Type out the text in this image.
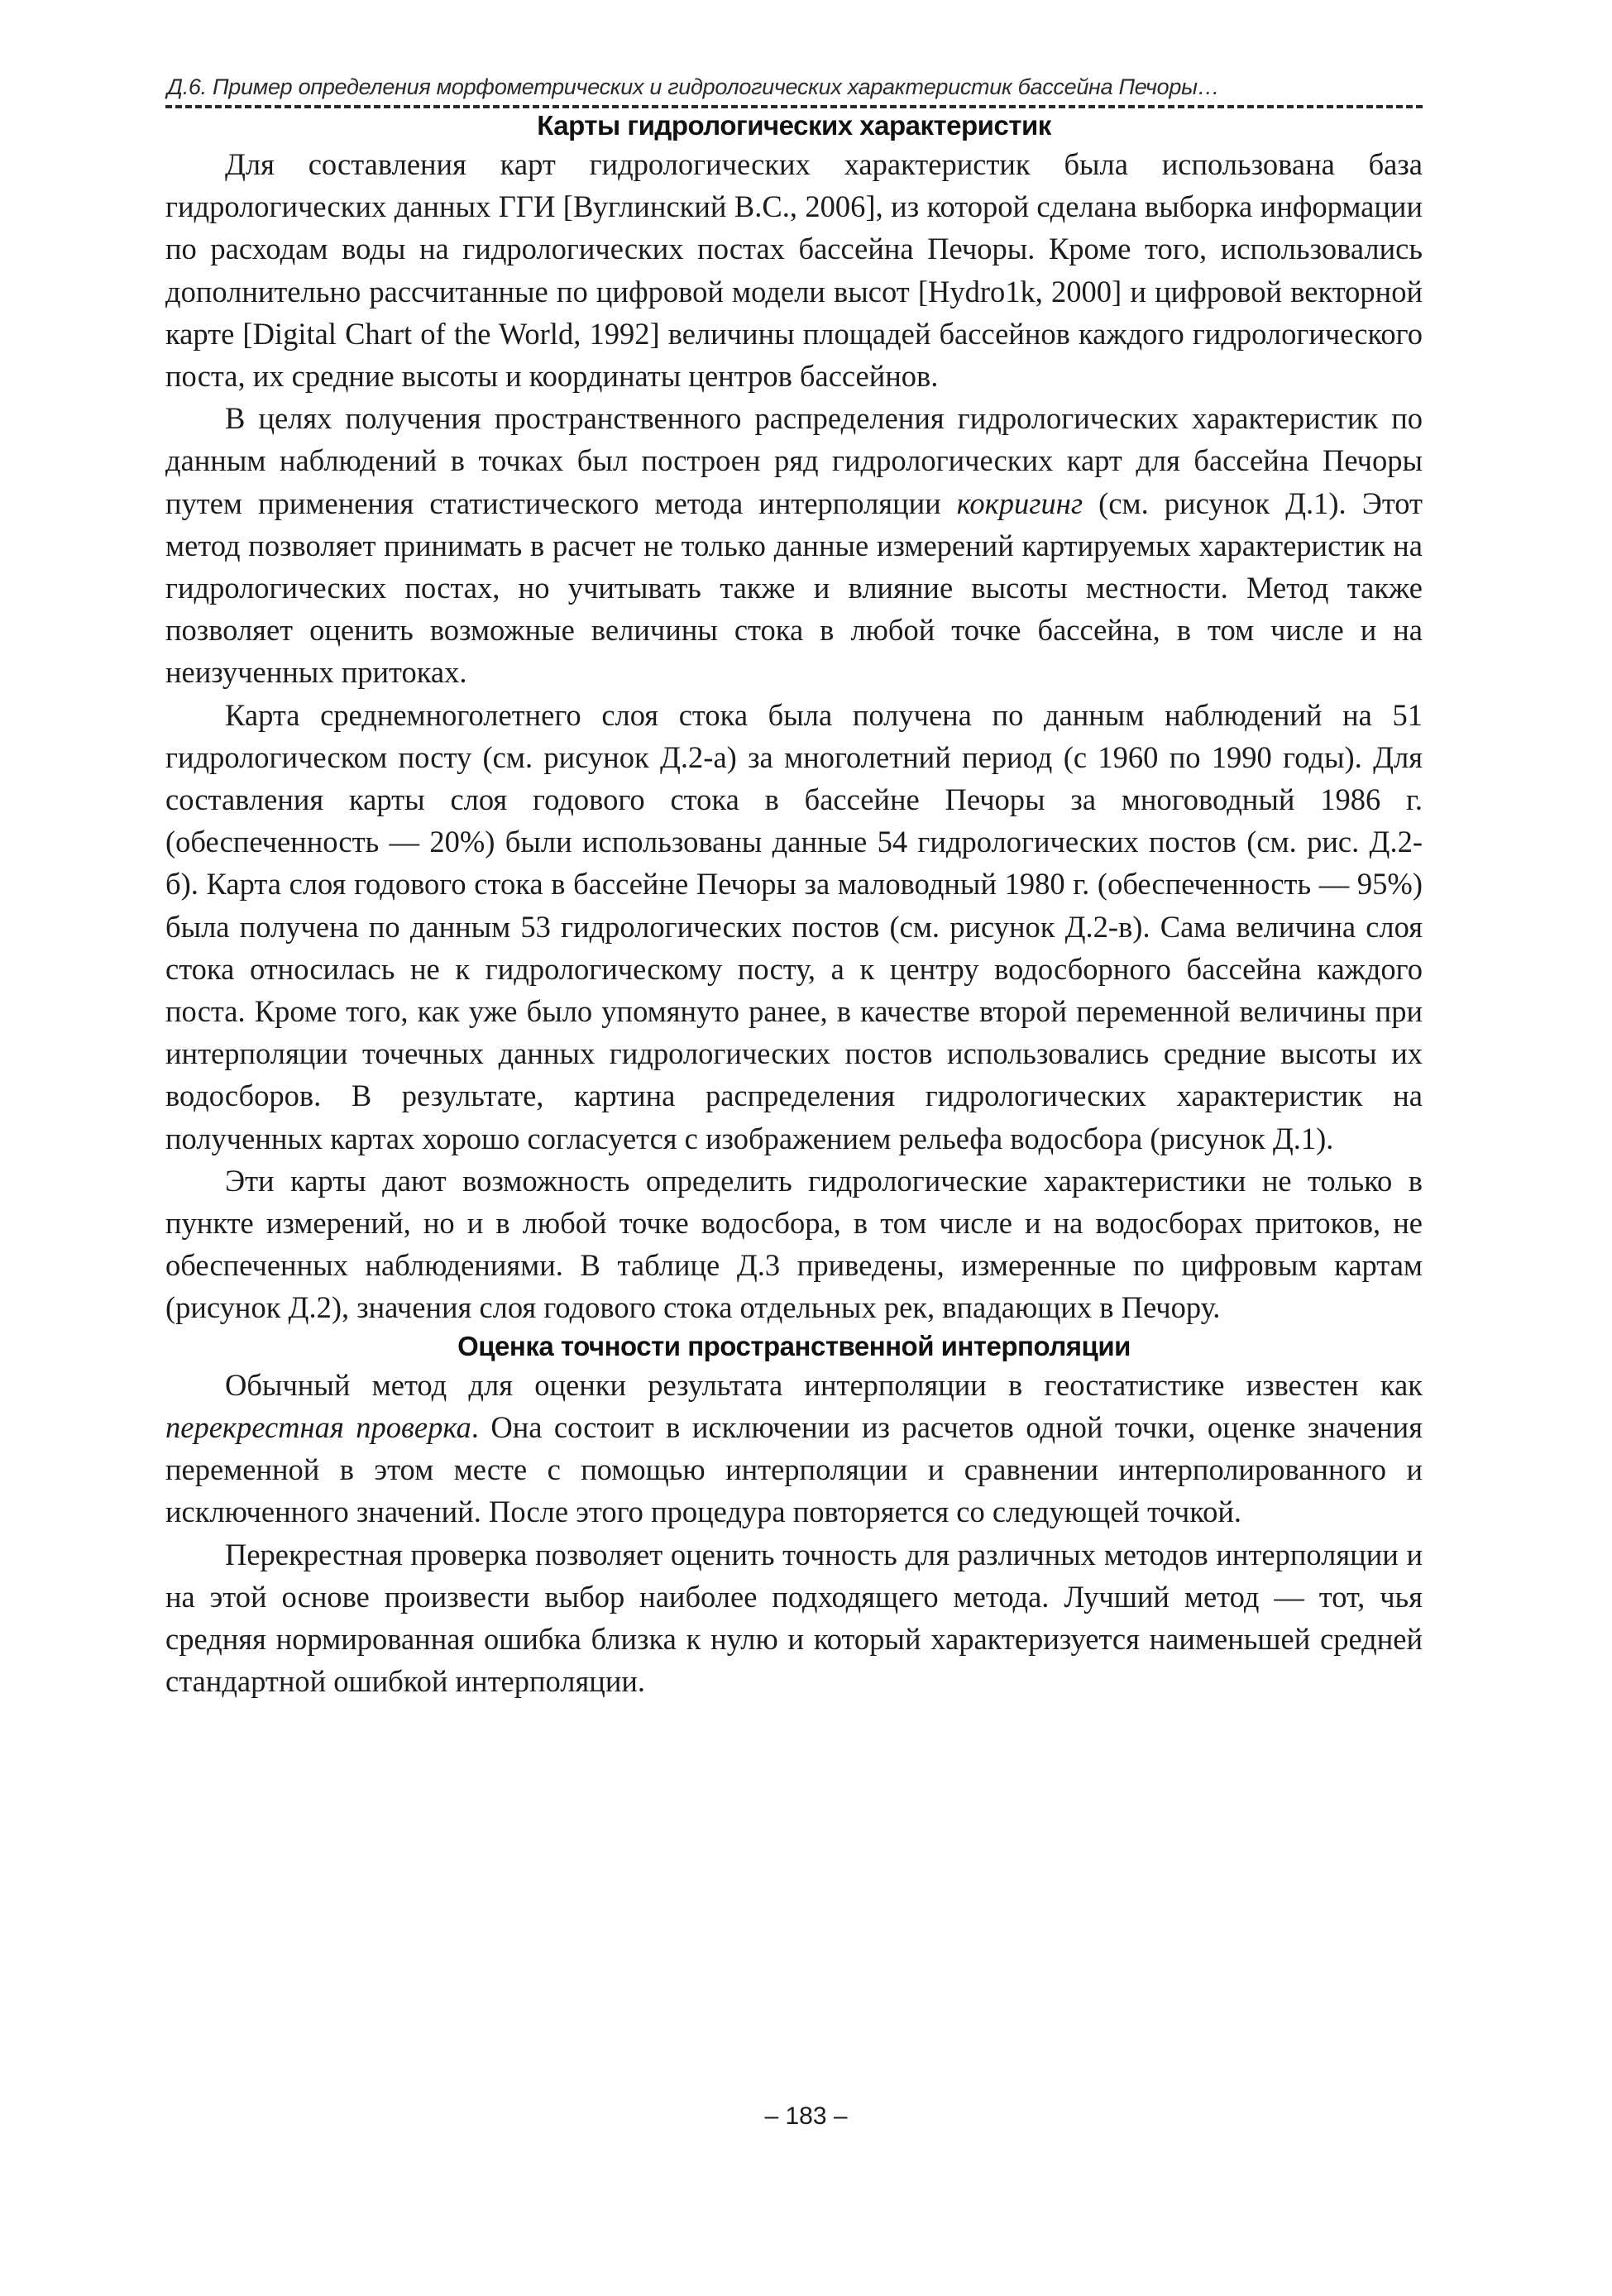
Д.6. Пример определения морфометрических и гидрологических характеристик бассейна Печоры…
Карты гидрологических характеристик

Для составления карт гидрологических характеристик была использована база гидрологических данных ГГИ [Вуглинский В.С., 2006], из которой сделана выборка информации по расходам воды на гидрологических постах бассейна Печоры. Кроме того, использовались дополнительно рассчитанные по цифровой модели высот [Hydro1k, 2000] и цифровой векторной карте [Digital Chart of the World, 1992] величины площадей бассейнов каждого гидрологического поста, их средние высоты и координаты центров бассейнов.

В целях получения пространственного распределения гидрологических характеристик по данным наблюдений в точках был построен ряд гидрологических карт для бассейна Печоры путем применения статистического метода интерполяции кокригинг (см. рисунок Д.1). Этот метод позволяет принимать в расчет не только данные измерений картируемых характеристик на гидрологических постах, но учитывать также и влияние высоты местности. Метод также позволяет оценить возможные величины стока в любой точке бассейна, в том числе и на неизученных притоках.

Карта среднемноголетнего слоя стока была получена по данным наблюдений на 51 гидрологическом посту (см. рисунок Д.2-а) за многолетний период (с 1960 по 1990 годы). Для составления карты слоя годового стока в бассейне Печоры за многоводный 1986 г. (обеспеченность — 20%) были использованы данные 54 гидрологических постов (см. рис. Д.2-б). Карта слоя годового стока в бассейне Печоры за маловодный 1980 г. (обеспеченность — 95%) была получена по данным 53 гидрологических постов (см. рисунок Д.2-в). Сама величина слоя стока относилась не к гидрологическому посту, а к центру водосборного бассейна каждого поста. Кроме того, как уже было упомянуто ранее, в качестве второй переменной величины при интерполяции точечных данных гидрологических постов использовались средние высоты их водосборов. В результате, картина распределения гидрологических характеристик на полученных картах хорошо согласуется с изображением рельефа водосбора (рисунок Д.1).

Эти карты дают возможность определить гидрологические характеристики не только в пункте измерений, но и в любой точке водосбора, в том числе и на водосборах притоков, не обеспеченных наблюдениями. В таблице Д.3 приведены, измеренные по цифровым картам (рисунок Д.2), значения слоя годового стока отдельных рек, впадающих в Печору.

Оценка точности пространственной интерполяции

Обычный метод для оценки результата интерполяции в геостатистике известен как перекрестная проверка. Она состоит в исключении из расчетов одной точки, оценке значения переменной в этом месте с помощью интерполяции и сравнении интерполированного и исключенного значений. После этого процедура повторяется со следующей точкой.

Перекрестная проверка позволяет оценить точность для различных методов интерполяции и на этой основе произвести выбор наиболее подходящего метода. Лучший метод — тот, чья средняя нормированная ошибка близка к нулю и который характеризуется наименьшей средней стандартной ошибкой интерполяции.

– 183 –
